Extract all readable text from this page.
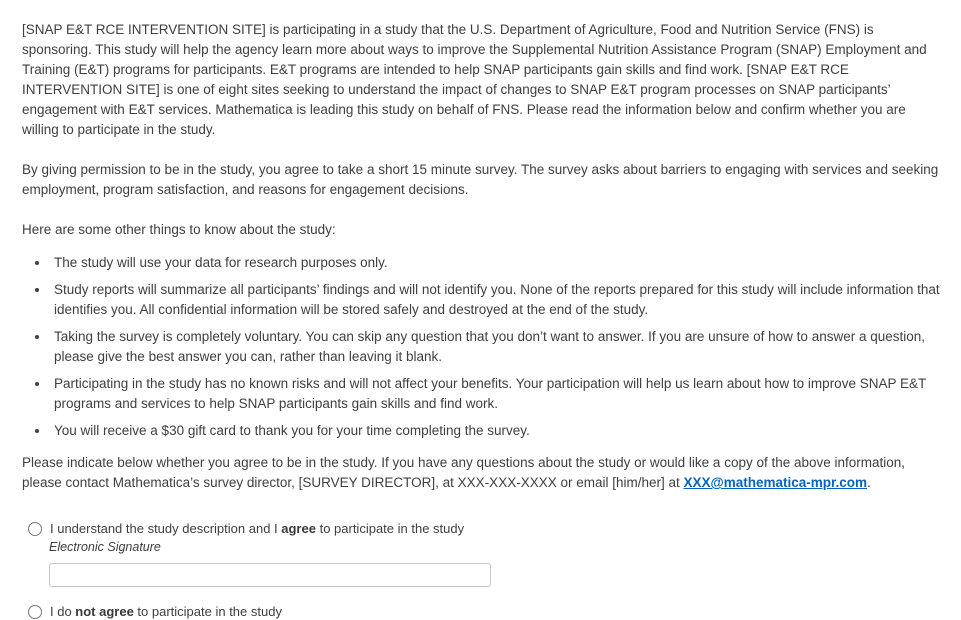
[SNAP E&T RCE INTERVENTION SITE] is participating in a study that the U.S. Department of Agriculture, Food and Nutrition Service (FNS) is sponsoring. This study will help the agency learn more about ways to improve the Supplemental Nutrition Assistance Program (SNAP) Employment and Training (E&T) programs for participants. E&T programs are intended to help SNAP participants gain skills and find work. [SNAP E&T RCE INTERVENTION SITE] is one of eight sites seeking to understand the impact of changes to SNAP E&T program processes on SNAP participants’ engagement with E&T services. Mathematica is leading this study on behalf of FNS. Please read the information below and confirm whether you are willing to participate in the study.

By giving permission to be in the study, you agree to take a short 15 minute survey. The survey asks about barriers to engaging with services and seeking employment, program satisfaction, and reasons for engagement decisions.

Here are some other things to know about the study:

• The study will use your data for research purposes only.
• Study reports will summarize all participants’ findings and will not identify you. None of the reports prepared for this study will include information that identifies you. All confidential information will be stored safely and destroyed at the end of the study.
• Taking the survey is completely voluntary. You can skip any question that you don’t want to answer. If you are unsure of how to answer a question, please give the best answer you can, rather than leaving it blank.
• Participating in the study has no known risks and will not affect your benefits. Your participation will help us learn about how to improve SNAP E&T programs and services to help SNAP participants gain skills and find work.
• You will receive a $30 gift card to thank you for your time completing the survey.

Please indicate below whether you agree to be in the study. If you have any questions about the study or would like a copy of the above information, please contact Mathematica’s survey director, [SURVEY DIRECTOR], at XXX-XXX-XXXX or email [him/her] at XXX@mathematica-mpr.com.

I understand the study description and I agree to participate in the study
Electronic Signature
I do not agree to participate in the study
